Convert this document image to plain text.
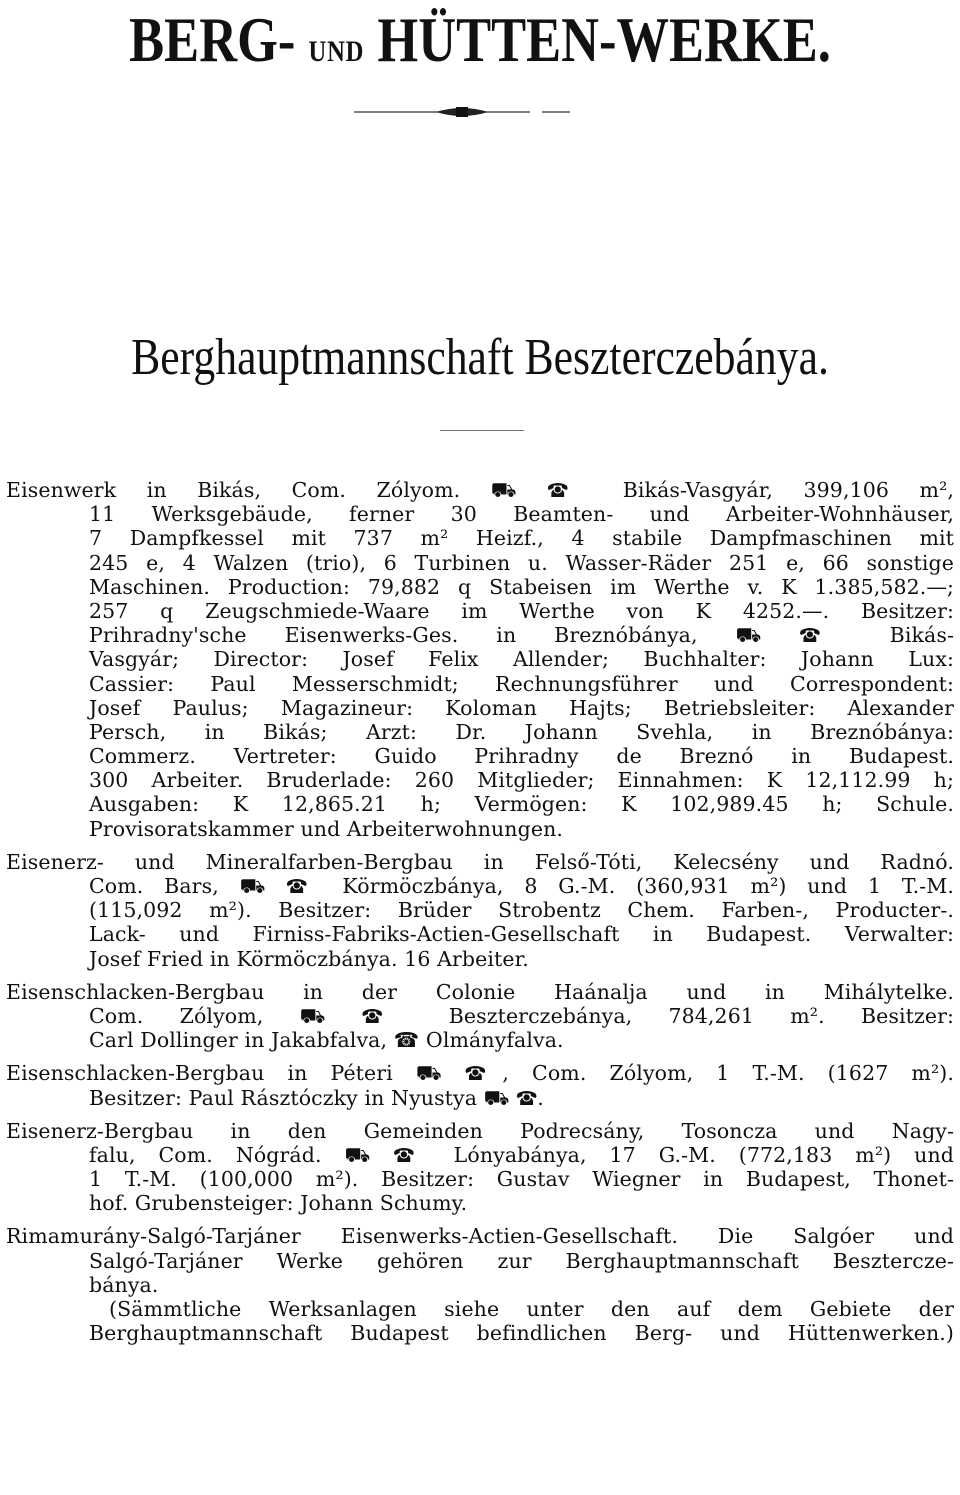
BERG- UND HÜTTEN-WERKE.
Berghauptmannschaft Beszterczebánya.
Eisenwerk in Bikás, Com. Zólyom. ⛟ ☎ Bikás-Vasgyár, 399,106 m²,
11 Werksgebäude, ferner 30 Beamten- und Arbeiter-Wohnhäuser,
7 Dampfkessel mit 737 m² Heizf., 4 stabile Dampfmaschinen mit
245 e, 4 Walzen (trio), 6 Turbinen u. Wasser-Räder 251 e, 66 sonstige
Maschinen. Production: 79,882 q Stabeisen im Werthe v. K 1.385,582.—;
257 q Zeugschmiede-Waare im Werthe von K 4252.—. Besitzer:
Prihradny'sche Eisenwerks-Ges. in Breznóbánya, ⛟ ☎ Bikás-
Vasgyár; Director: Josef Felix Allender; Buchhalter: Johann Lux:
Cassier: Paul Messerschmidt; Rechnungsführer und Correspondent:
Josef Paulus; Magazineur: Koloman Hajts; Betriebsleiter: Alexander
Persch, in Bikás; Arzt: Dr. Johann Svehla, in Breznóbánya:
Commerz. Vertreter: Guido Prihradny de Breznó in Budapest.
300 Arbeiter. Bruderlade: 260 Mitglieder; Einnahmen: K 12,112.99 h;
Ausgaben: K 12,865.21 h; Vermögen: K 102,989.45 h; Schule.
Provisoratskammer und Arbeiterwohnungen.
Eisenerz- und Mineralfarben-Bergbau in Felső-Tóti, Kelecsény und Radnó.
Com. Bars, ⛟ ☎ Körmöczbánya, 8 G.-M. (360,931 m²) und 1 T.-M.
(115,092 m²). Besitzer: Brüder Strobentz Chem. Farben-, Producter-.
Lack- und Firniss-Fabriks-Actien-Gesellschaft in Budapest. Verwalter:
Josef Fried in Körmöczbánya. 16 Arbeiter.
Eisenschlacken-Bergbau in der Colonie Haánalja und in Mihálytelke.
Com. Zólyom, ⛟ ☎ Beszterczebánya, 784,261 m². Besitzer:
Carl Dollinger in Jakabfalva, ☎ Olmányfalva.
Eisenschlacken-Bergbau in Péteri ⛟ ☎, Com. Zólyom, 1 T.-M. (1627 m²).
Besitzer: Paul Rásztóczky in Nyustya ⛟ ☎.
Eisenerz-Bergbau in den Gemeinden Podrecsány, Tosoncza und Nagy-
falu, Com. Nógrád. ⛟ ☎ Lónyabánya, 17 G.-M. (772,183 m²) und
1 T.-M. (100,000 m²). Besitzer: Gustav Wiegner in Budapest, Thonet-
hof. Grubensteiger: Johann Schumy.
Rimamurány-Salgó-Tarjáner Eisenwerks-Actien-Gesellschaft. Die Salgóer und
Salgó-Tarjáner Werke gehören zur Berghauptmannschaft Besztercze-
bánya.
(Sämmtliche Werksanlagen siehe unter den auf dem Gebiete der
Berghauptmannschaft Budapest befindlichen Berg- und Hüttenwerken.)
